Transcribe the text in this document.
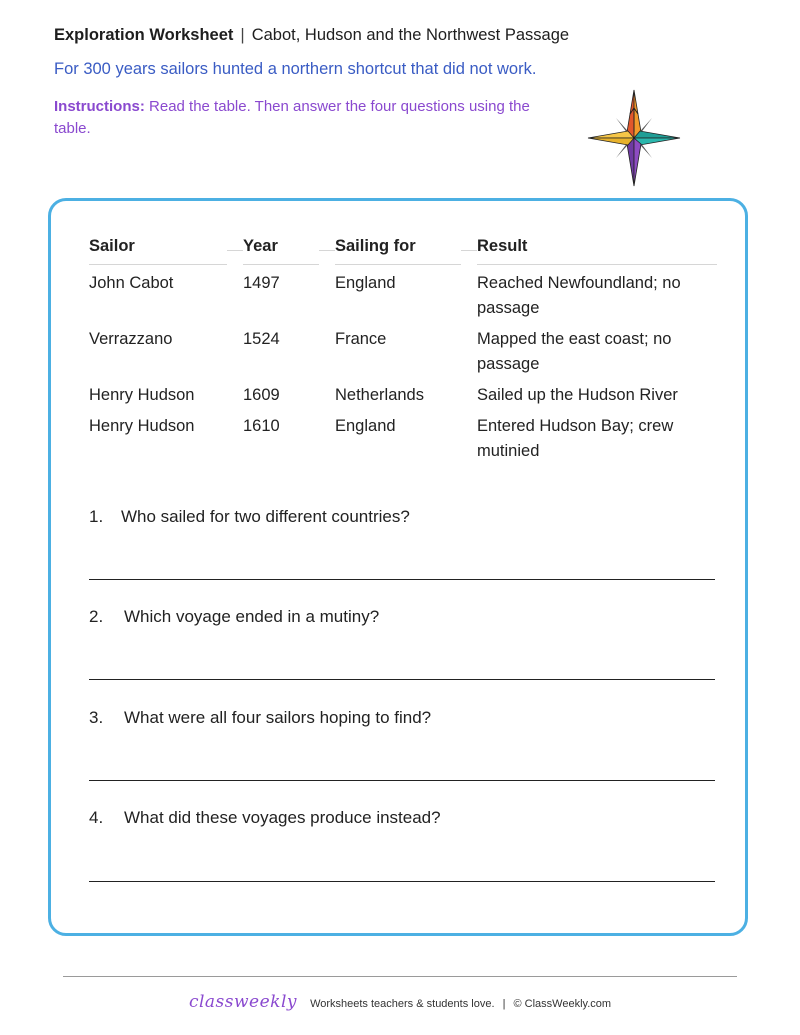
Exploration Worksheet | Cabot, Hudson and the Northwest Passage
For 300 years sailors hunted a northern shortcut that did not work.
Instructions: Read the table. Then answer the four questions using the table.
Sailor	Year	Sailing for	Result
John Cabot		1497		England		Reached Newfoundland; no passage
Verrazzano		1524		France		Mapped the east coast; no passage
Henry Hudson		1609		Netherlands		Sailed up the Hudson River
Henry Hudson		1610		England		Entered Hudson Bay; crew mutinied
1. Who sailed for two different countries?
2. Which voyage ended in a mutiny?
3. What were all four sailors hoping to find?
4. What did these voyages produce instead?
classweekly Worksheets teachers & students love. | © ClassWeekly.com
